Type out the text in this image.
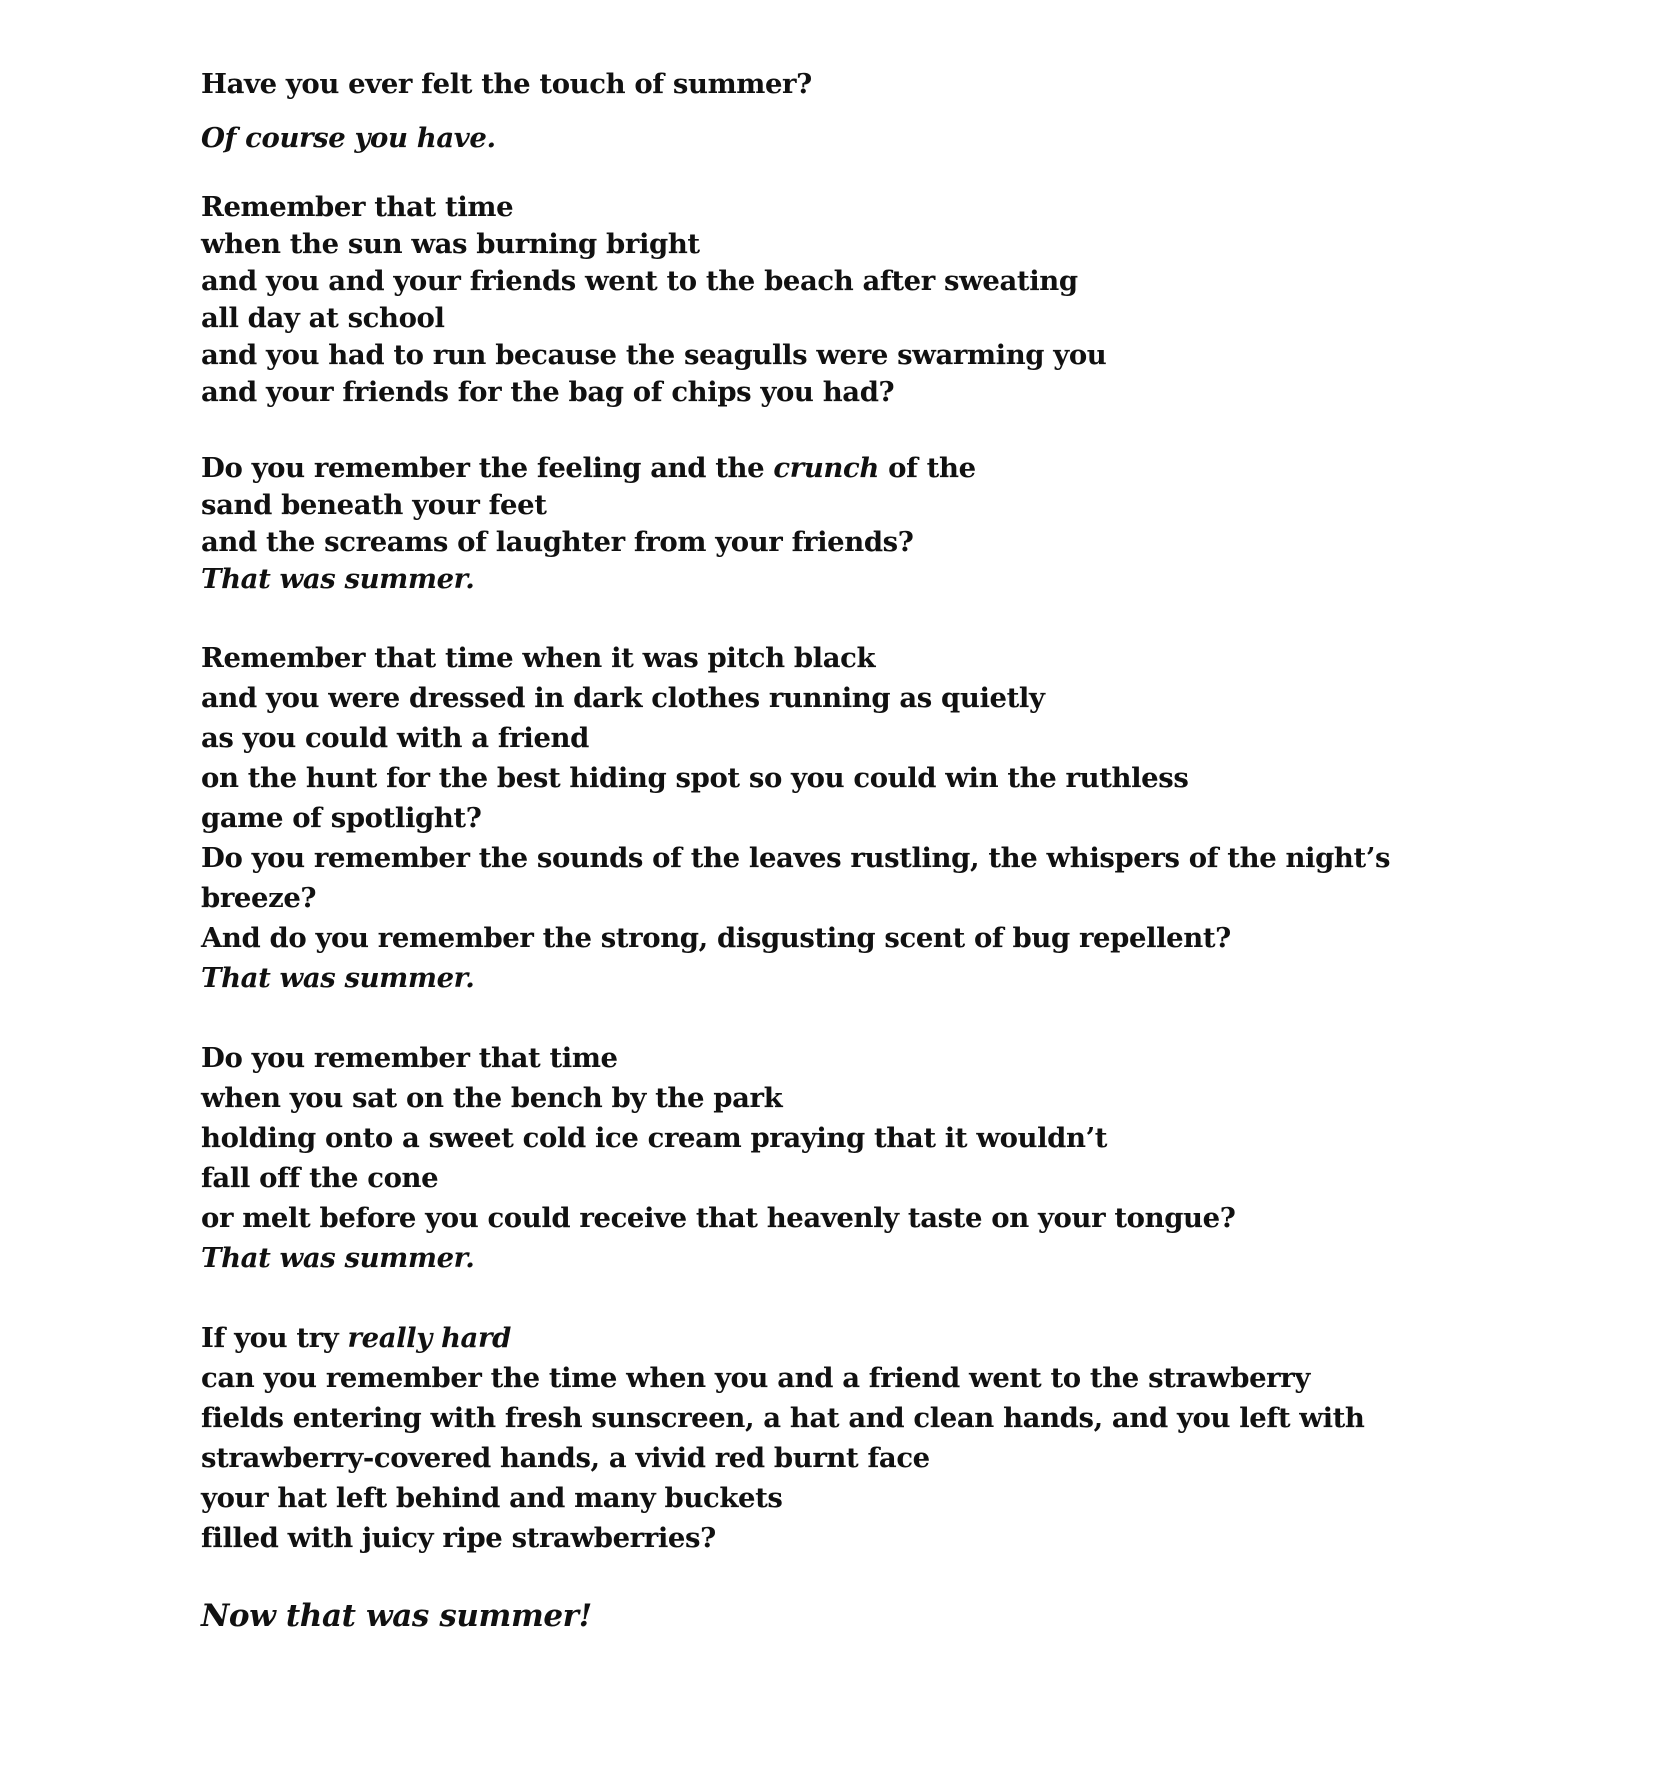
Have you ever felt the touch of summer?
Of course you have.
Remember that time
when the sun was burning bright
and you and your friends went to the beach after sweating
all day at school
and you had to run because the seagulls were swarming you
and your friends for the bag of chips you had?
Do you remember the feeling and the crunch of the
sand beneath your feet
and the screams of laughter from your friends?
That was summer.
Remember that time when it was pitch black
and you were dressed in dark clothes running as quietly
as you could with a friend
on the hunt for the best hiding spot so you could win the ruthless
game of spotlight?
Do you remember the sounds of the leaves rustling, the whispers of the night’s
breeze?
And do you remember the strong, disgusting scent of bug repellent?
That was summer.
Do you remember that time
when you sat on the bench by the park
holding onto a sweet cold ice cream praying that it wouldn’t
fall off the cone
or melt before you could receive that heavenly taste on your tongue?
That was summer.
If you try really hard
can you remember the time when you and a friend went to the strawberry
fields entering with fresh sunscreen, a hat and clean hands, and you left with
strawberry-covered hands, a vivid red burnt face
your hat left behind and many buckets
filled with juicy ripe strawberries?
Now that was summer!
